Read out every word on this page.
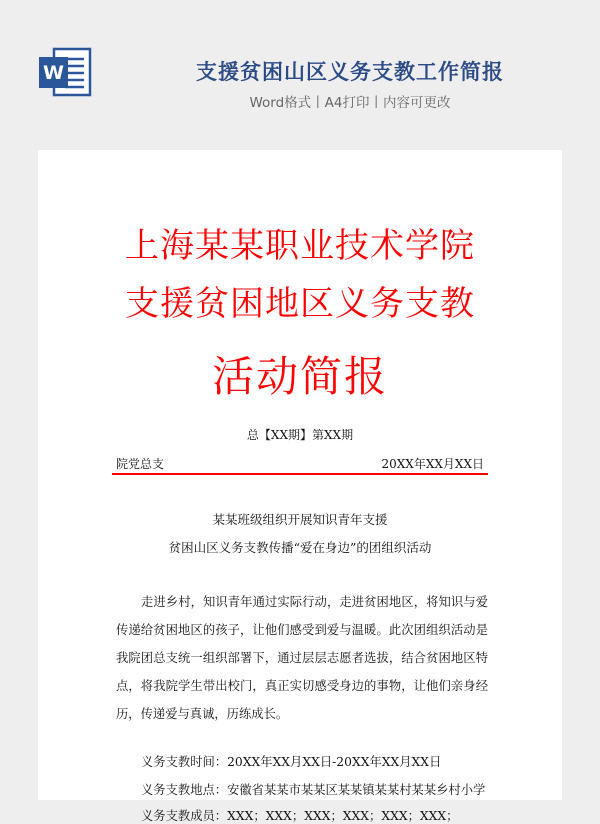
W	支援贫困山区义务支教工作简报
Word格式丨A4打印丨内容可更改
上海某某职业技术学院
支援贫困地区义务支教
活动简报
总【XX期】第XX期
院党总支	20XX年XX月XX日
某某班级组织开展知识青年支援
贫困山区义务支教传播“爱在身边”的团组织活动

走进乡村，知识青年通过实际行动，走进贫困地区，将知识与爱传递给贫困地区的孩子，让他们感受到爱与温暖。此次团组织活动是我院团总支统一组织部署下，通过层层志愿者选拔，结合贫困地区特点，将我院学生带出校门，真正实切感受身边的事物，让他们亲身经历，传递爱与真诚，历练成长。

义务支教时间：20XX年XX月XX日-20XX年XX月XX日
义务支教地点：安徽省某某市某某区某某镇某某村某某乡村小学
义务支教成员：XXX；XXX；XXX；XXX；XXX；XXX；
